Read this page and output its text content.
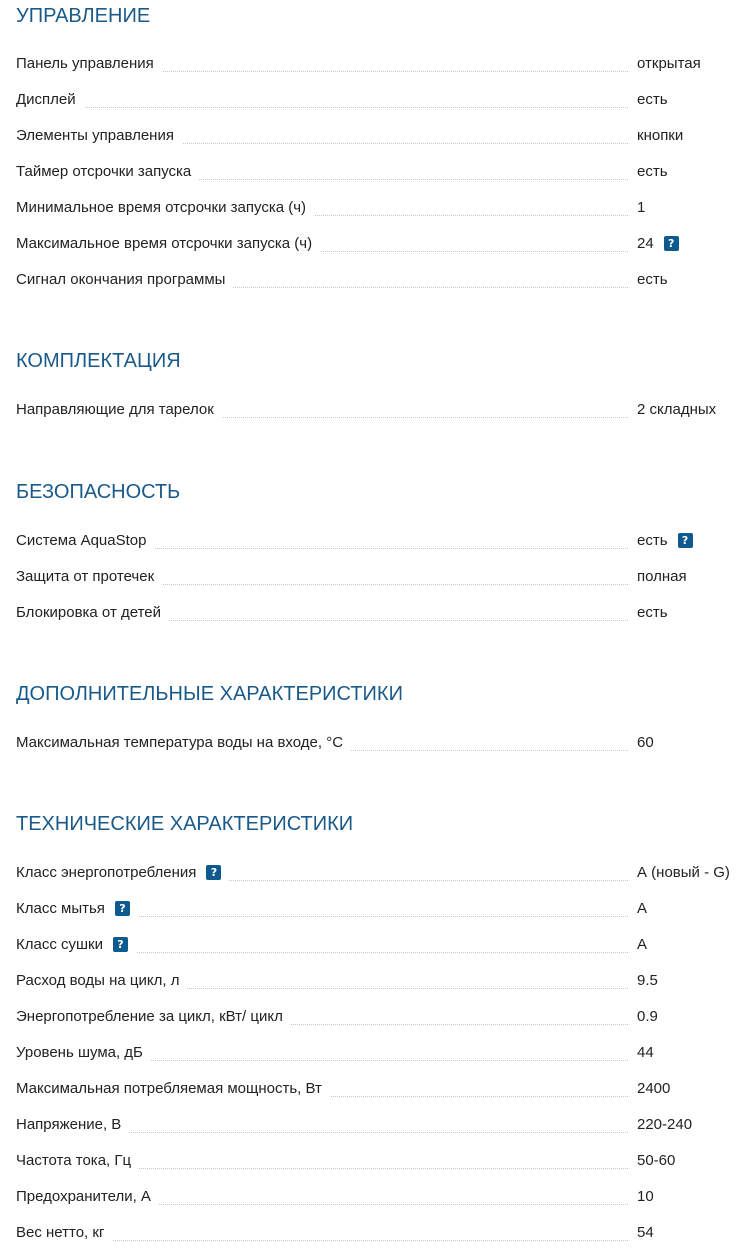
УПРАВЛЕНИЕ
Панель управления	открытая
Дисплей	есть
Элементы управления	кнопки
Таймер отсрочки запуска	есть
Минимальное время отсрочки запуска (ч)	1
Максимальное время отсрочки запуска (ч)	24 ?
Сигнал окончания программы	есть
КОМПЛЕКТАЦИЯ
Направляющие для тарелок	2 складных
БЕЗОПАСНОСТЬ
Система AquaStop	есть ?
Защита от протечек	полная
Блокировка от детей	есть
ДОПОЛНИТЕЛЬНЫЕ ХАРАКТЕРИСТИКИ
Максимальная температура воды на входе, °С	60
ТЕХНИЧЕСКИЕ ХАРАКТЕРИСТИКИ
Класс энергопотребления ?	А (новый - G)
Класс мытья ?	А
Класс сушки ?	А
Расход воды на цикл, л	9.5
Энергопотребление за цикл, кВт/ цикл	0.9
Уровень шума, дБ	44
Максимальная потребляемая мощность, Вт	2400
Напряжение, В	220-240
Частота тока, Гц	50-60
Предохранители, А	10
Вес нетто, кг	54
